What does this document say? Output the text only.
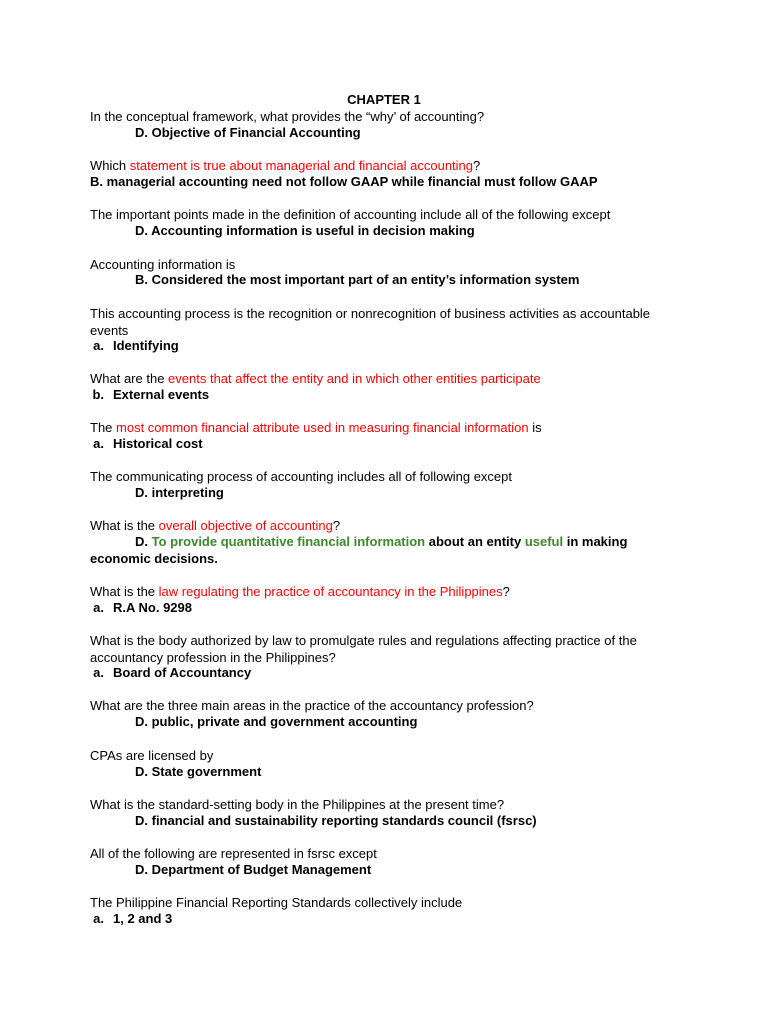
CHAPTER 1
In the conceptual framework, what provides the “why’ of accounting?
D. Objective of Financial Accounting
Which statement is true about managerial and financial accounting?
B. managerial accounting need not follow GAAP while financial must follow GAAP
The important points made in the definition of accounting include all of the following except
D. Accounting information is useful in decision making
Accounting information is
B. Considered the most important part of an entity’s information system
This accounting process is the recognition or nonrecognition of business activities as accountable events
a. Identifying
What are the events that affect the entity and in which other entities participate
b. External events
The most common financial attribute used in measuring financial information is
a. Historical cost
The communicating process of accounting includes all of following except
D. interpreting
What is the overall objective of accounting?
D. To provide quantitative financial information about an entity useful in making economic decisions.
What is the law regulating the practice of accountancy in the Philippines?
a. R.A No. 9298
What is the body authorized by law to promulgate rules and regulations affecting practice of the accountancy profession in the Philippines?
a. Board of Accountancy
What are the three main areas in the practice of the accountancy profession?
D. public, private and government accounting
CPAs are licensed by
D. State government
What is the standard-setting body in the Philippines at the present time?
D. financial and sustainability reporting standards council (fsrsc)
All of the following are represented in fsrsc except
D. Department of Budget Management
The Philippine Financial Reporting Standards collectively include
a. 1, 2 and 3
